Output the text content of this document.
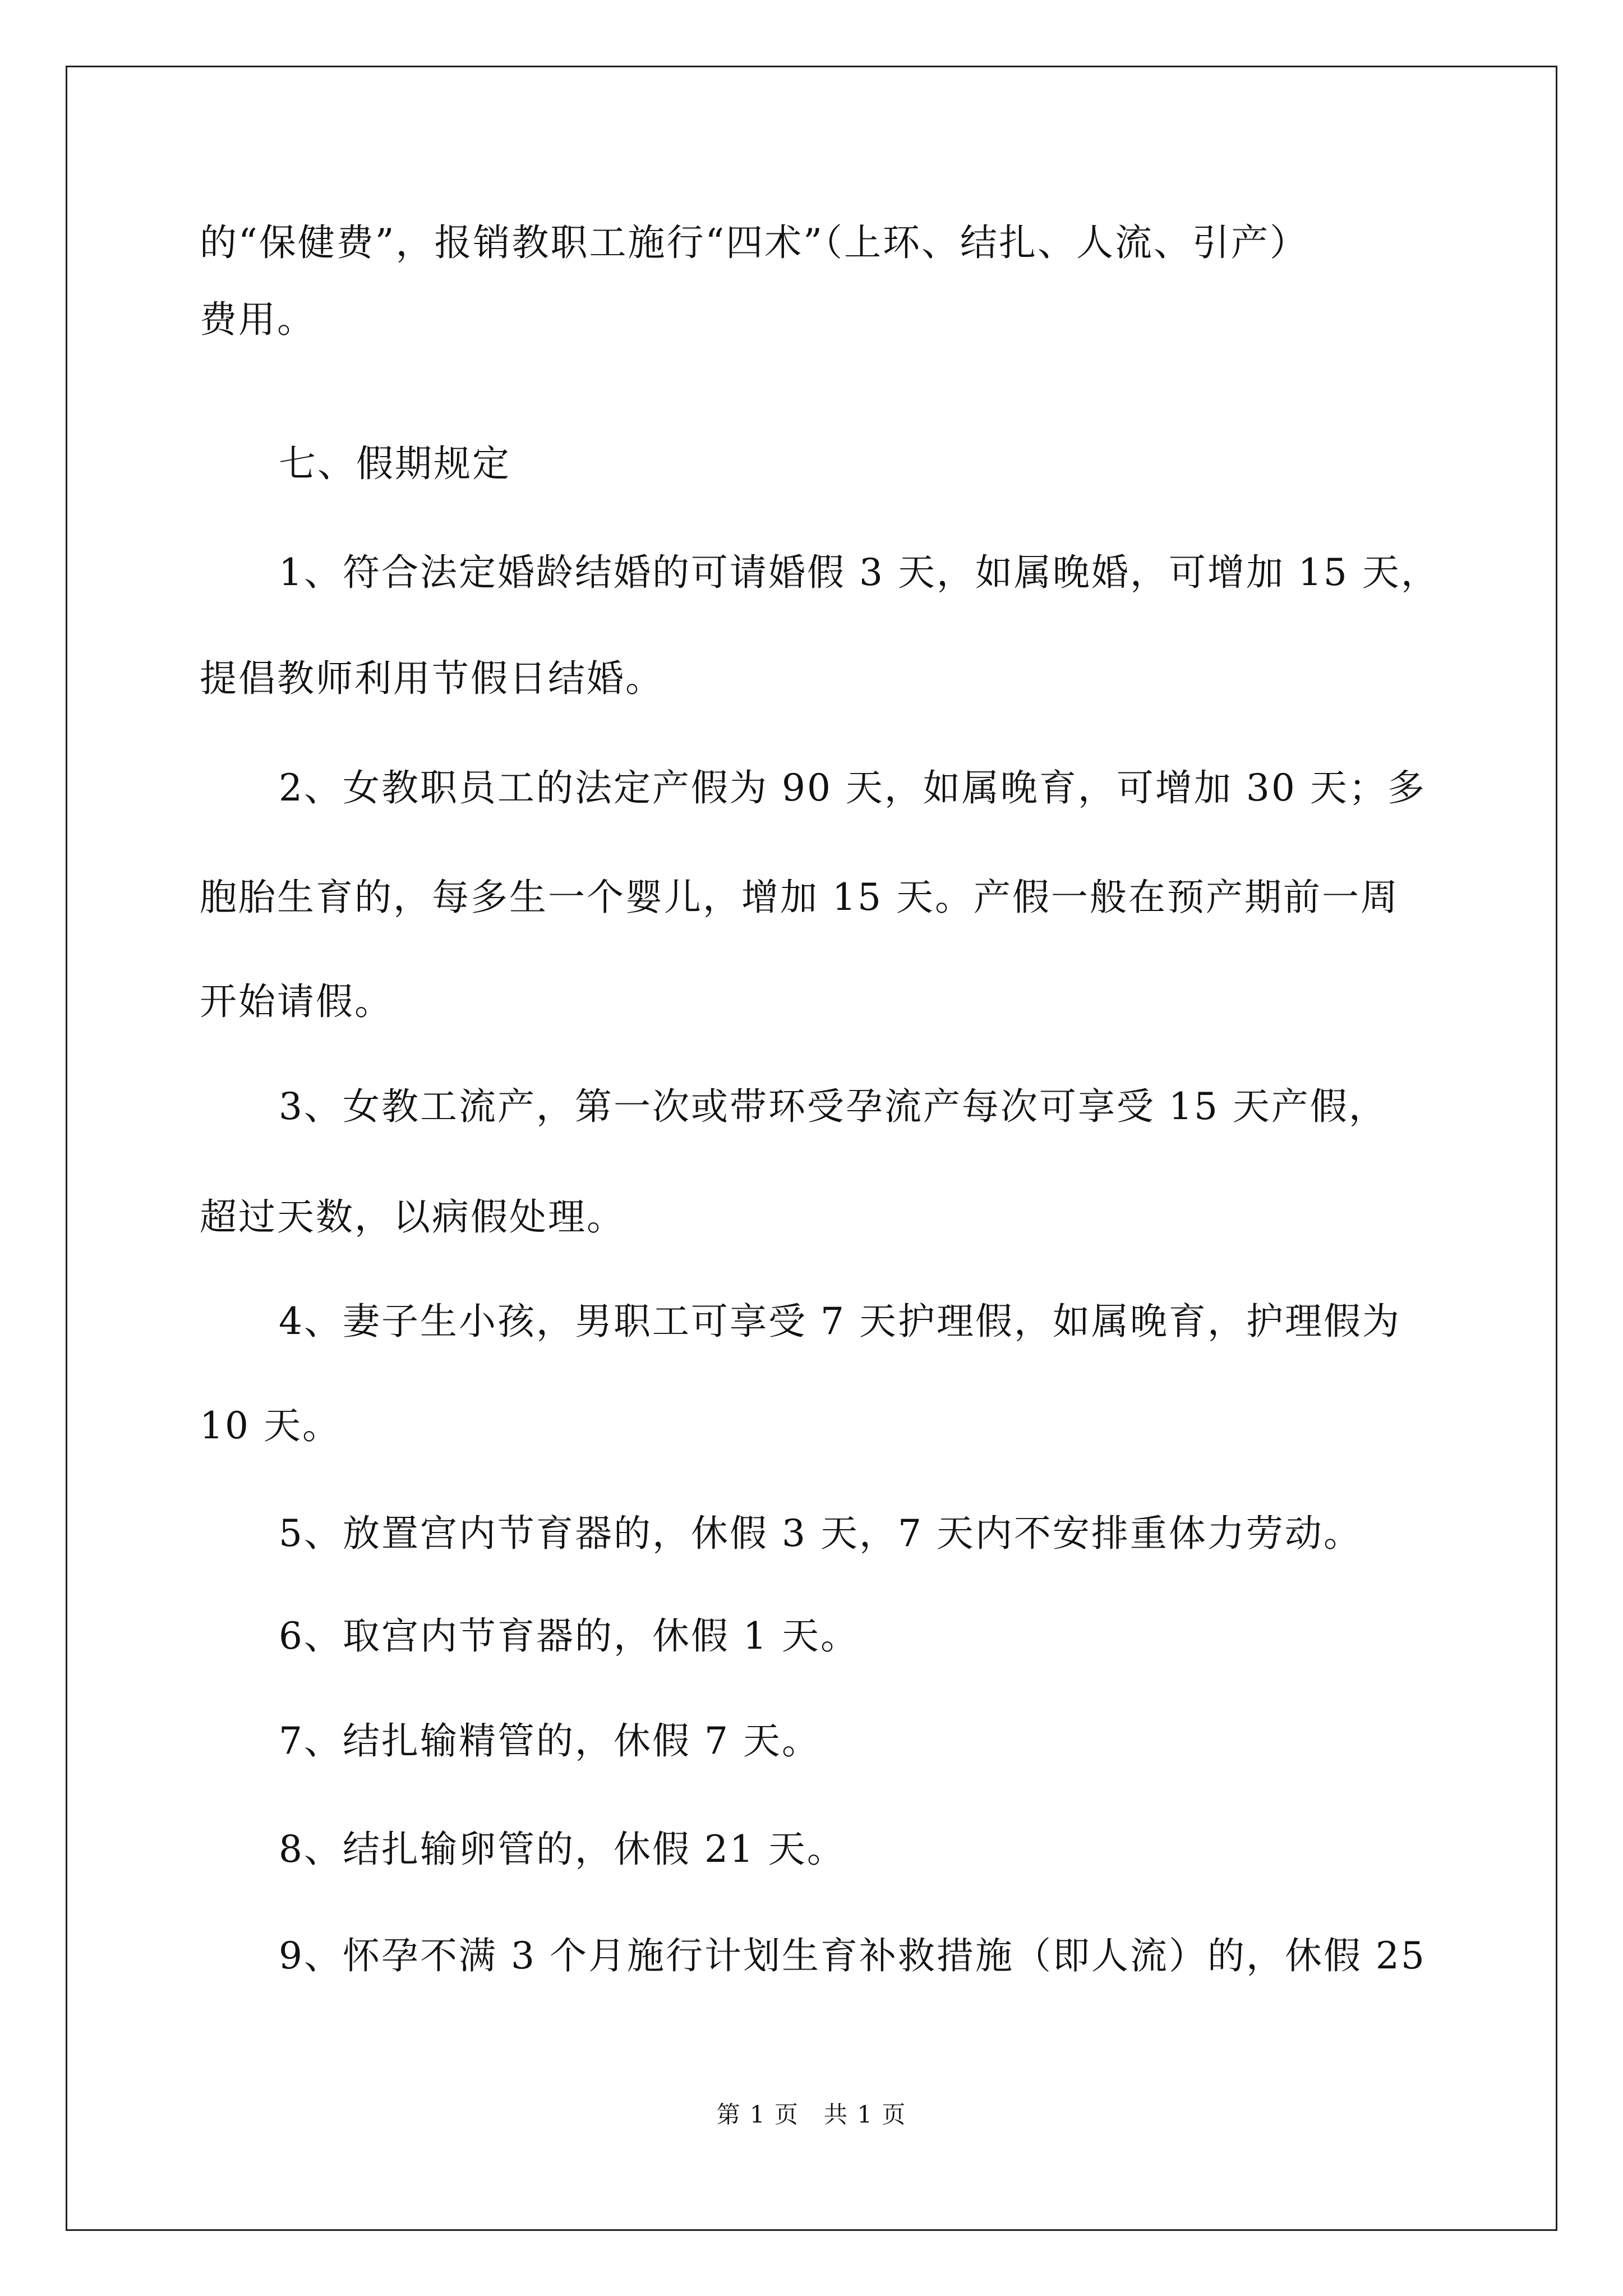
的“保健费”，报销教职工施行“四术”（上环、结扎、人流、引产）
费用。
七、假期规定
1、符合法定婚龄结婚的可请婚假 3 天，如属晚婚，可增加 15 天，
提倡教师利用节假日结婚。
2、女教职员工的法定产假为 90 天，如属晚育，可增加 30 天；多
胞胎生育的，每多生一个婴儿，增加 15 天。产假一般在预产期前一周
开始请假。
3、女教工流产，第一次或带环受孕流产每次可享受 15 天产假，
超过天数，以病假处理。
4、妻子生小孩，男职工可享受 7 天护理假，如属晚育，护理假为
10 天。
5、放置宫内节育器的，休假 3 天，7 天内不安排重体力劳动。
6、取宫内节育器的，休假 1 天。
7、结扎输精管的，休假 7 天。
8、结扎输卵管的，休假 21 天。
9、怀孕不满 3 个月施行计划生育补救措施（即人流）的，休假 25
第 1 页　共 1 页
